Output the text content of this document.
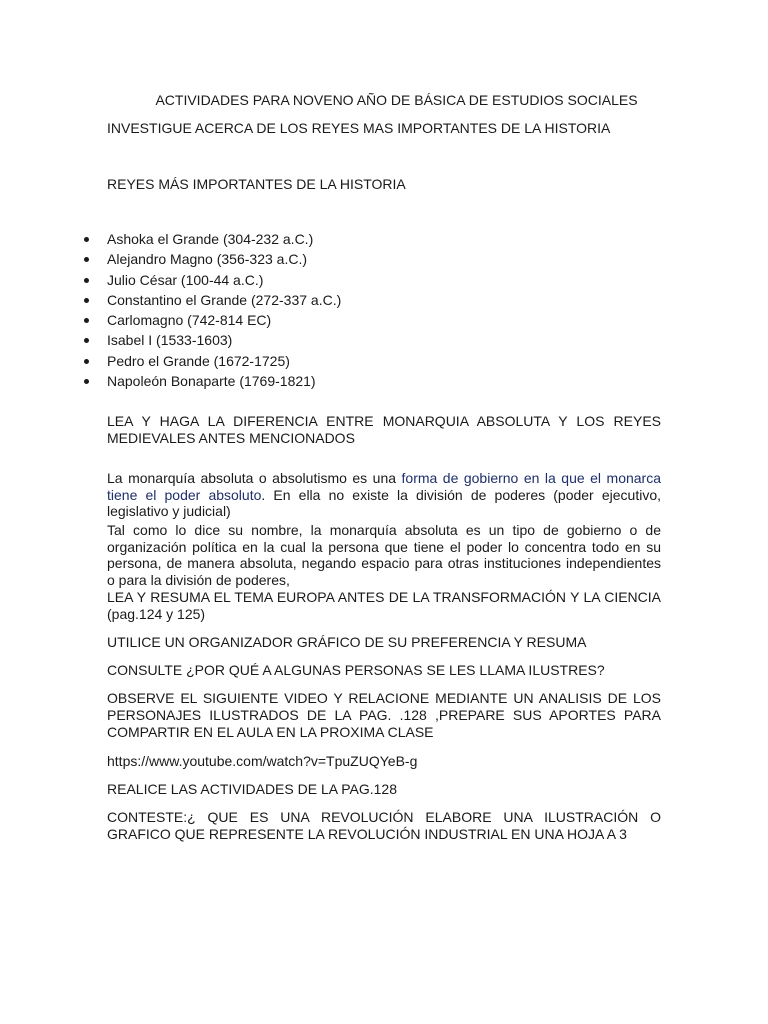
ACTIVIDADES PARA NOVENO AÑO DE BÁSICA DE ESTUDIOS SOCIALES
INVESTIGUE ACERCA DE LOS REYES MAS IMPORTANTES DE LA HISTORIA
REYES MÁS IMPORTANTES DE LA HISTORIA
Ashoka el Grande (304-232 a.C.)
Alejandro Magno (356-323 a.C.)
Julio César (100-44 a.C.)
Constantino el Grande (272-337 a.C.)
Carlomagno (742-814 EC)
Isabel I (1533-1603)
Pedro el Grande (1672-1725)
Napoleón Bonaparte (1769-1821)
LEA Y HAGA LA DIFERENCIA ENTRE MONARQUIA ABSOLUTA Y LOS REYES MEDIEVALES ANTES MENCIONADOS
La monarquía absoluta o absolutismo es una forma de gobierno en la que el monarca tiene el poder absoluto. En ella no existe la división de poderes (poder ejecutivo, legislativo y judicial)
Tal como lo dice su nombre, la monarquía absoluta es un tipo de gobierno o de organización política en la cual la persona que tiene el poder lo concentra todo en su persona, de manera absoluta, negando espacio para otras instituciones independientes o para la división de poderes,
LEA Y RESUMA EL TEMA EUROPA ANTES DE LA TRANSFORMACIÓN Y LA CIENCIA (pag.124 y 125)
UTILICE UN ORGANIZADOR GRÁFICO DE SU PREFERENCIA Y RESUMA
CONSULTE ¿POR QUÉ A ALGUNAS PERSONAS SE LES LLAMA ILUSTRES?
OBSERVE EL SIGUIENTE VIDEO Y RELACIONE MEDIANTE UN ANALISIS DE LOS PERSONAJES ILUSTRADOS DE LA PAG. .128 ,PREPARE SUS APORTES PARA COMPARTIR EN EL AULA EN LA PROXIMA CLASE
https://www.youtube.com/watch?v=TpuZUQYeB-g
REALICE LAS ACTIVIDADES DE LA PAG.128
CONTESTE:¿ QUE ES UNA REVOLUCIÓN ELABORE UNA ILUSTRACIÓN O GRAFICO QUE REPRESENTE LA REVOLUCIÓN INDUSTRIAL EN UNA HOJA A 3
